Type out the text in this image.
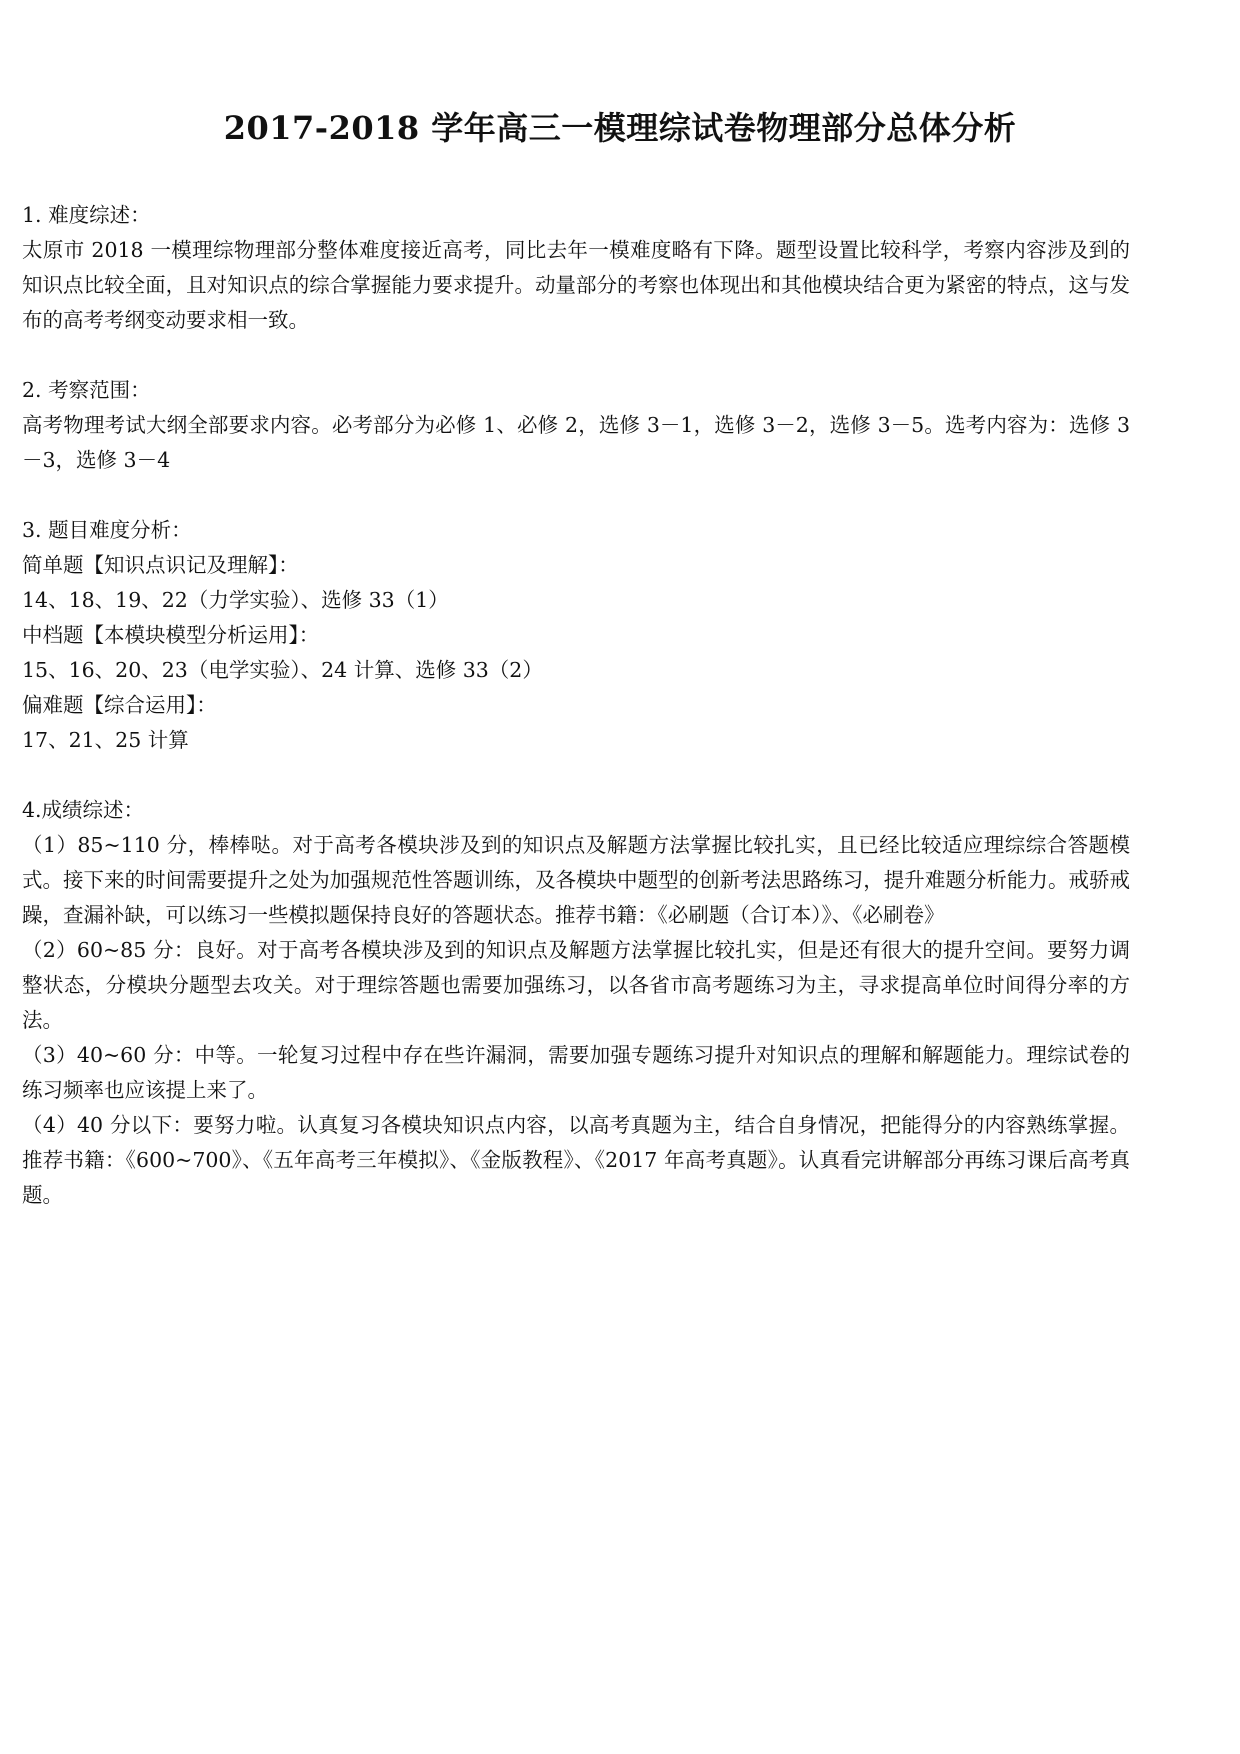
2017-2018 学年高三一模理综试卷物理部分总体分析

1. 难度综述：

太原市 2018 一模理综物理部分整体难度接近高考，同比去年一模难度略有下降。题型设置比较科学，考察内容涉及到的知识点比较全面，且对知识点的综合掌握能力要求提升。动量部分的考察也体现出和其他模块结合更为紧密的特点，这与发布的高考考纲变动要求相一致。

2. 考察范围：

高考物理考试大纲全部要求内容。必考部分为必修 1、必修 2，选修 3－1，选修 3－2，选修 3－5。选考内容为：选修 3－3，选修 3－4

3. 题目难度分析：

简单题【知识点识记及理解】：

14、18、19、22（力学实验）、选修 33（1）

中档题【本模块模型分析运用】：

15、16、20、23（电学实验）、24 计算、选修 33（2）

偏难题【综合运用】：

17、21、25 计算

4.成绩综述：

（1）85~110 分，棒棒哒。对于高考各模块涉及到的知识点及解题方法掌握比较扎实，且已经比较适应理综综合答题模式。接下来的时间需要提升之处为加强规范性答题训练，及各模块中题型的创新考法思路练习，提升难题分析能力。戒骄戒躁，查漏补缺，可以练习一些模拟题保持良好的答题状态。推荐书籍：《必刷题（合订本）》、《必刷卷》

（2）60~85 分：良好。对于高考各模块涉及到的知识点及解题方法掌握比较扎实，但是还有很大的提升空间。要努力调整状态，分模块分题型去攻关。对于理综答题也需要加强练习，以各省市高考题练习为主，寻求提高单位时间得分率的方法。

（3）40~60 分：中等。一轮复习过程中存在些许漏洞，需要加强专题练习提升对知识点的理解和解题能力。理综试卷的练习频率也应该提上来了。

（4）40 分以下：要努力啦。认真复习各模块知识点内容，以高考真题为主，结合自身情况，把能得分的内容熟练掌握。推荐书籍：《600~700》、《五年高考三年模拟》、《金版教程》、《2017 年高考真题》。认真看完讲解部分再练习课后高考真题。
